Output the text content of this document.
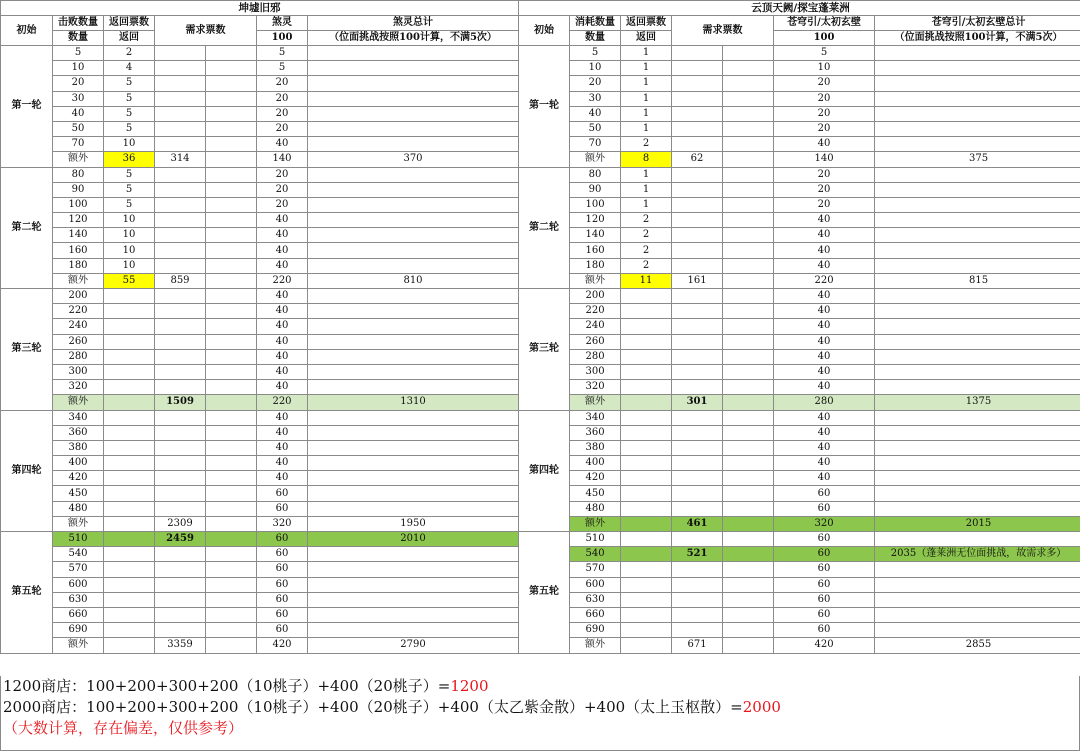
坤墟旧邪							云顶天阙/探宝蓬莱洲						
初始	击败数量	返回票数	需求票数		煞灵	煞灵总计	初始	消耗数量	返回票数	需求票数		苍穹引/太初玄壁	苍穹引/太初玄壁总计
	数量	返回			100	（位面挑战按照100计算，不满5次）		数量	返回			100	（位面挑战按照100计算，不满5次）
第一轮	5	2			5		第一轮	5	1			5	
	10	4			5			10	1			10	
	20	5			20			20	1			20	
	30	5			20			30	1			20	
	40	5			20			40	1			20	
	50	5			20			50	1			20	
	70	10			40			70	2			40	
	额外	36	314		140	370		额外	8	62		140	375
第二轮	80	5			20		第二轮	80	1			20	
	90	5			20			90	1			20	
	100	5			20			100	1			20	
	120	10			40			120	2			40	
	140	10			40			140	2			40	
	160	10			40			160	2			40	
	180	10			40			180	2			40	
	额外	55	859		220	810		额外	11	161		220	815
第三轮	200				40		第三轮	200				40	
	220				40			220				40	
	240				40			240				40	
	260				40			260				40	
	280				40			280				40	
	300				40			300				40	
	320				40			320				40	
	额外		1509		220	1310		额外		301		280	1375
第四轮	340				40		第四轮	340				40	
	360				40			360				40	
	380				40			380				40	
	400				40			400				40	
	420				40			420				40	
	450				60			450				60	
	480				60			480				60	
	额外		2309		320	1950		额外		461		320	2015
第五轮	510		2459		60	2010	第五轮	510				60	
	540				60			540		521		60	2035（蓬莱洲无位面挑战，故需求多）
	570				60			570				60	
	600				60			600				60	
	630				60			630				60	
	660				60			660				60	
	690				60			690				60	
	额外		3359		420	2790		额外		671		420	2855
1200商店：100+200+300+200（10桃子）+400（20桃子）=1200
2000商店：100+200+300+200（10桃子）+400（20桃子）+400（太乙紫金散）+400（太上玉枢散）=2000
（大数计算，存在偏差，仅供参考）
